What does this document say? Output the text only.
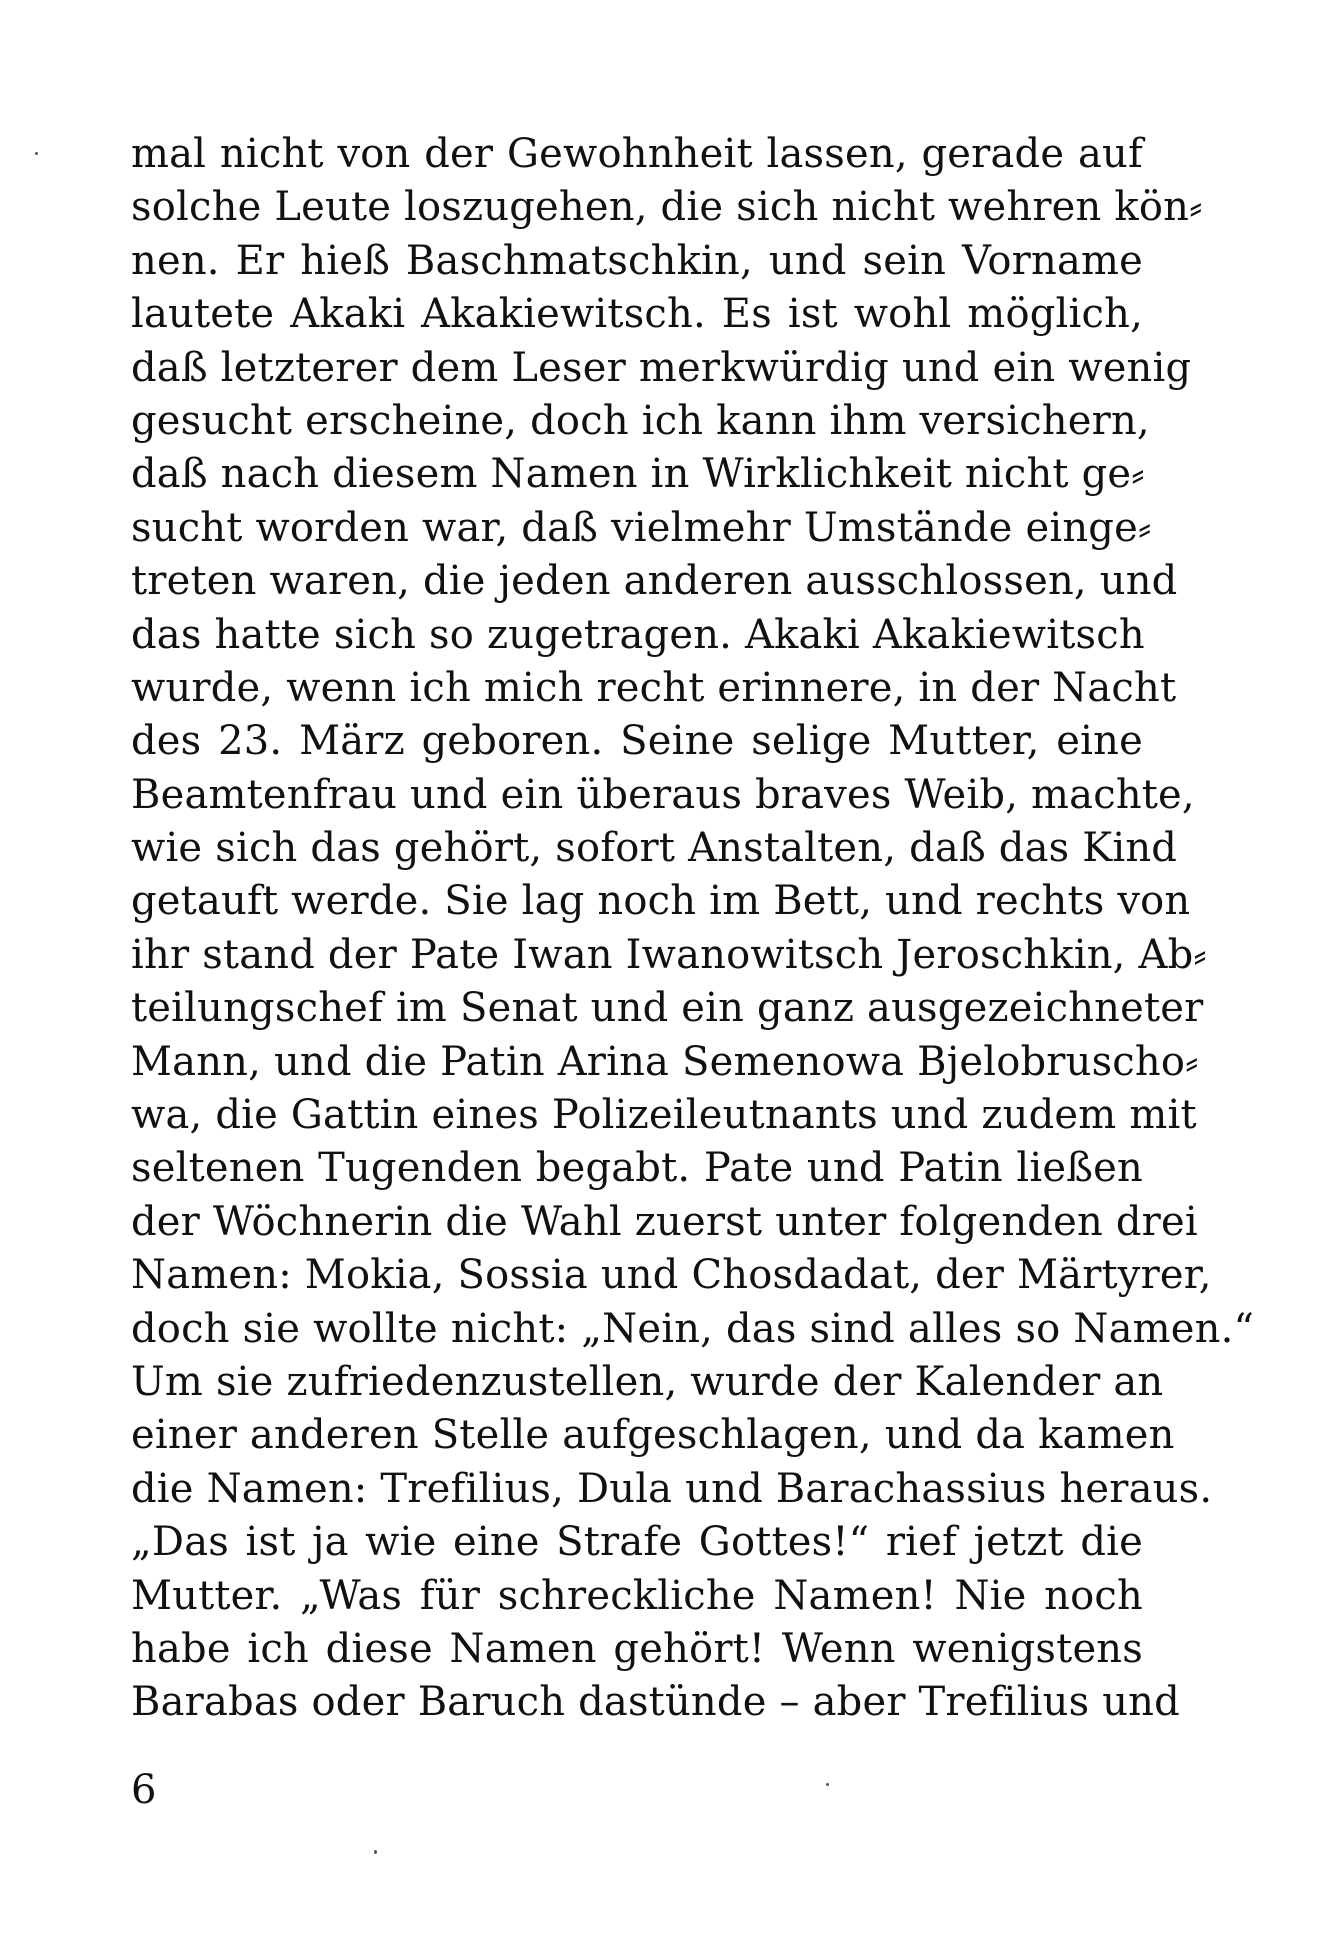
mal nicht von der Gewohnheit lassen, gerade auf
solche Leute loszugehen, die sich nicht wehren kön⸗
nen. Er hieß Baschmatschkin, und sein Vorname
lautete Akaki Akakiewitsch. Es ist wohl möglich,
daß letzterer dem Leser merkwürdig und ein wenig
gesucht erscheine, doch ich kann ihm versichern,
daß nach diesem Namen in Wirklichkeit nicht ge⸗
sucht worden war, daß vielmehr Umstände einge⸗
treten waren, die jeden anderen ausschlossen, und
das hatte sich so zugetragen. Akaki Akakiewitsch
wurde, wenn ich mich recht erinnere, in der Nacht
des 23. März geboren. Seine selige Mutter, eine
Beamtenfrau und ein überaus braves Weib, machte,
wie sich das gehört, sofort Anstalten, daß das Kind
getauft werde. Sie lag noch im Bett, und rechts von
ihr stand der Pate Iwan Iwanowitsch Jeroschkin, Ab⸗
teilungschef im Senat und ein ganz ausgezeichneter
Mann, und die Patin Arina Semenowa Bjelobruscho⸗
wa, die Gattin eines Polizeileutnants und zudem mit
seltenen Tugenden begabt. Pate und Patin ließen
der Wöchnerin die Wahl zuerst unter folgenden drei
Namen: Mokia, Sossia und Chosdadat, der Märtyrer,
doch sie wollte nicht: „Nein, das sind alles so Namen.“
Um sie zufriedenzustellen, wurde der Kalender an
einer anderen Stelle aufgeschlagen, und da kamen
die Namen: Trefilius, Dula und Barachassius heraus.
„Das ist ja wie eine Strafe Gottes!“ rief jetzt die
Mutter. „Was für schreckliche Namen! Nie noch
habe ich diese Namen gehört! Wenn wenigstens
Barabas oder Baruch dastünde – aber Trefilius und
6
